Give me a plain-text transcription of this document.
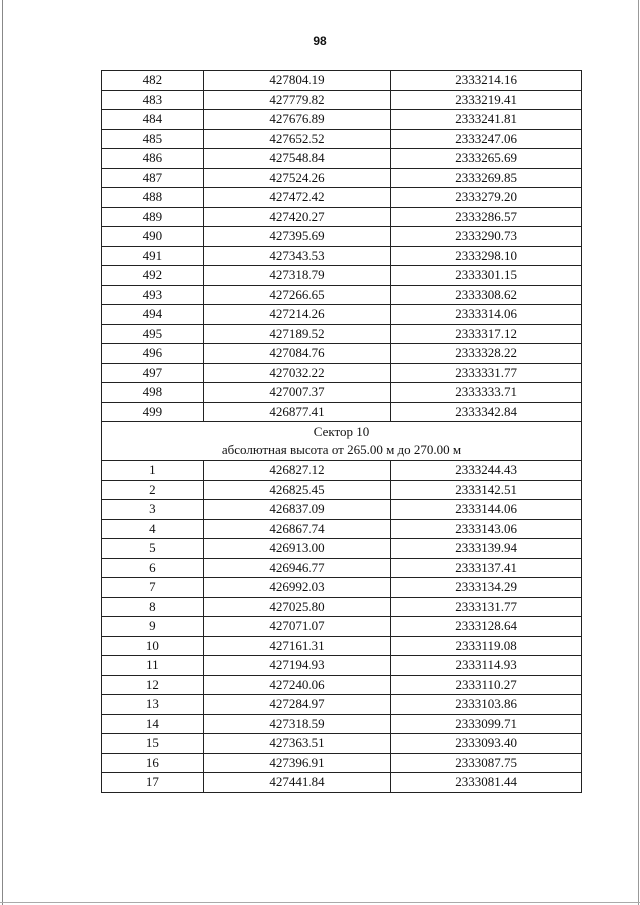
98
482	427804.19	2333214.16
483	427779.82	2333219.41
484	427676.89	2333241.81
485	427652.52	2333247.06
486	427548.84	2333265.69
487	427524.26	2333269.85
488	427472.42	2333279.20
489	427420.27	2333286.57
490	427395.69	2333290.73
491	427343.53	2333298.10
492	427318.79	2333301.15
493	427266.65	2333308.62
494	427214.26	2333314.06
495	427189.52	2333317.12
496	427084.76	2333328.22
497	427032.22	2333331.77
498	427007.37	2333333.71
499	426877.41	2333342.84

Сектор 10
абсолютная высота от 265.00 м до 270.00 м		

1	426827.12	2333244.43
2	426825.45	2333142.51
3	426837.09	2333144.06
4	426867.74	2333143.06
5	426913.00	2333139.94
6	426946.77	2333137.41
7	426992.03	2333134.29
8	427025.80	2333131.77
9	427071.07	2333128.64
10	427161.31	2333119.08
11	427194.93	2333114.93
12	427240.06	2333110.27
13	427284.97	2333103.86
14	427318.59	2333099.71
15	427363.51	2333093.40
16	427396.91	2333087.75
17	427441.84	2333081.44
